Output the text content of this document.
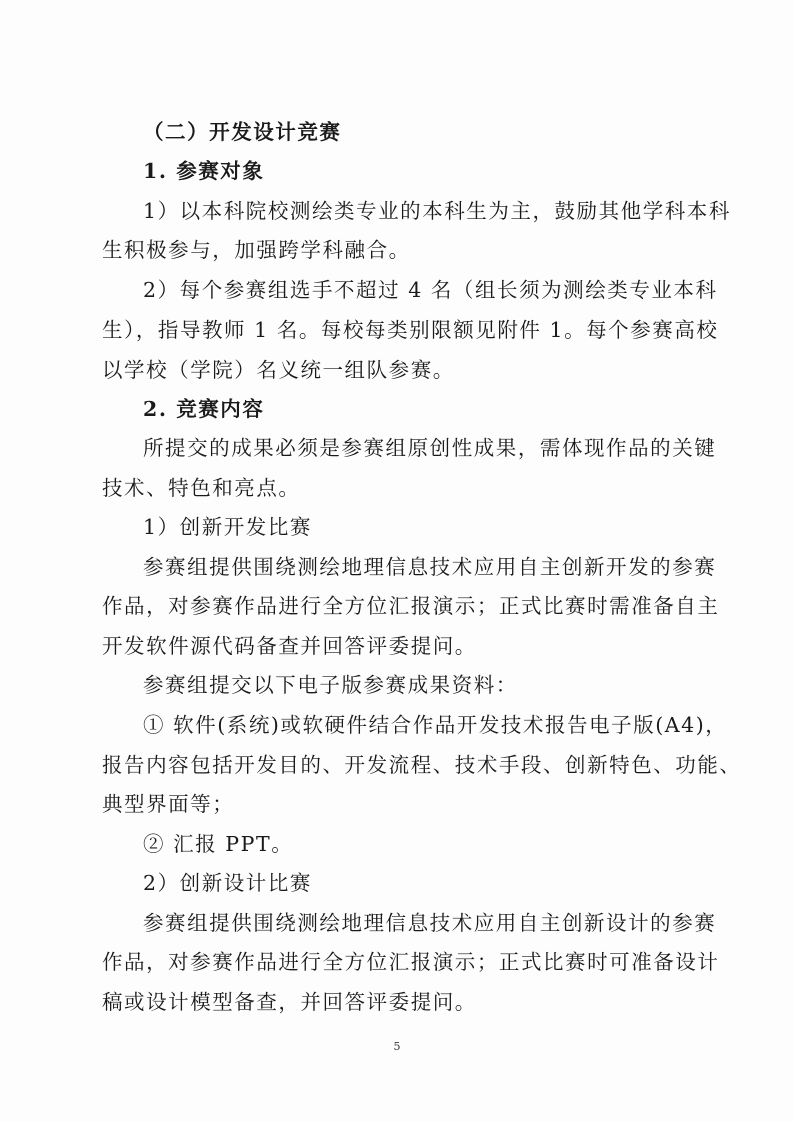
（二）开发设计竞赛
1. 参赛对象
1）以本科院校测绘类专业的本科生为主，鼓励其他学科本科
生积极参与，加强跨学科融合。
2）每个参赛组选手不超过 4 名（组长须为测绘类专业本科
生），指导教师 1 名。每校每类别限额见附件 1。每个参赛高校
以学校（学院）名义统一组队参赛。
2. 竞赛内容
所提交的成果必须是参赛组原创性成果，需体现作品的关键
技术、特色和亮点。
1）创新开发比赛
参赛组提供围绕测绘地理信息技术应用自主创新开发的参赛
作品，对参赛作品进行全方位汇报演示；正式比赛时需准备自主
开发软件源代码备查并回答评委提问。
参赛组提交以下电子版参赛成果资料：
① 软件(系统)或软硬件结合作品开发技术报告电子版(A4)，
报告内容包括开发目的、开发流程、技术手段、创新特色、功能、
典型界面等；
② 汇报 PPT。
2）创新设计比赛
参赛组提供围绕测绘地理信息技术应用自主创新设计的参赛
作品，对参赛作品进行全方位汇报演示；正式比赛时可准备设计
稿或设计模型备查，并回答评委提问。
5
